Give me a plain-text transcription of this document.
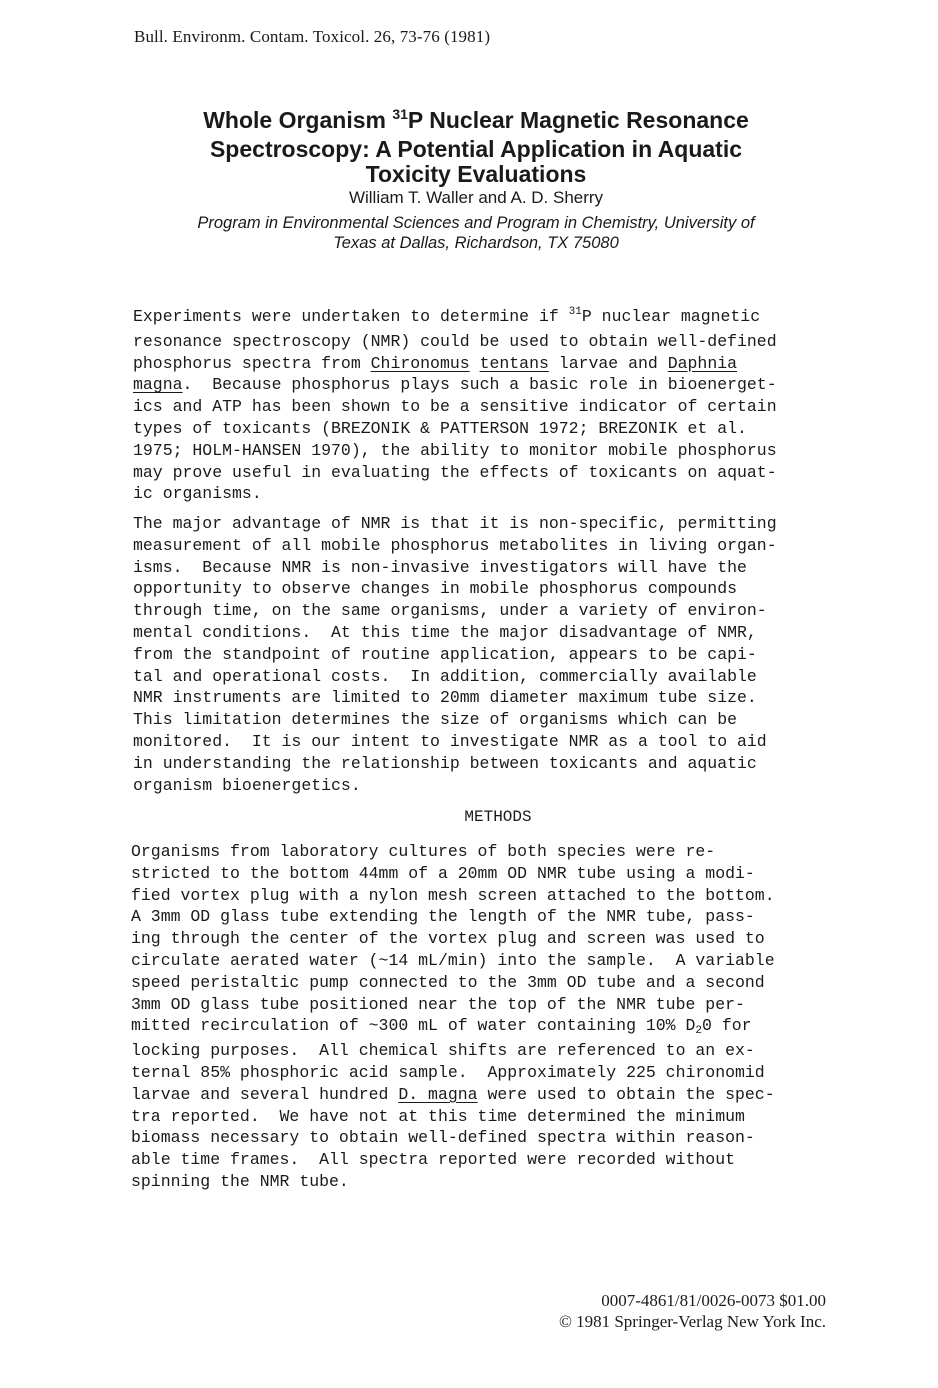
Bull. Environm. Contam. Toxicol. 26, 73-76 (1981)
Whole Organism $^{31}$P Nuclear Magnetic Resonance
Spectroscopy: A Potential Application in Aquatic
Toxicity Evaluations
William T. Waller and A. D. Sherry
Program in Environmental Sciences and Program in Chemistry, University of
Texas at Dallas, Richardson, TX 75080
Experiments were undertaken to determine if $^{31}$P nuclear magnetic
resonance spectroscopy (NMR) could be used to obtain well-defined
phosphorus spectra from Chironomus tentans larvae and Daphnia
magna.  Because phosphorus plays such a basic role in bioenerget-
ics and ATP has been shown to be a sensitive indicator of certain
types of toxicants (BREZONIK & PATTERSON 1972; BREZONIK et al.
1975; HOLM-HANSEN 1970), the ability to monitor mobile phosphorus
may prove useful in evaluating the effects of toxicants on aquat-
ic organisms.
The major advantage of NMR is that it is non-specific, permitting
measurement of all mobile phosphorus metabolites in living organ-
isms.  Because NMR is non-invasive investigators will have the
opportunity to observe changes in mobile phosphorus compounds
through time, on the same organisms, under a variety of environ-
mental conditions.  At this time the major disadvantage of NMR,
from the standpoint of routine application, appears to be capi-
tal and operational costs.  In addition, commercially available
NMR instruments are limited to 20mm diameter maximum tube size.
This limitation determines the size of organisms which can be
monitored.  It is our intent to investigate NMR as a tool to aid
in understanding the relationship between toxicants and aquatic
organism bioenergetics.
METHODS
Organisms from laboratory cultures of both species were re-
stricted to the bottom 44mm of a 20mm OD NMR tube using a modi-
fied vortex plug with a nylon mesh screen attached to the bottom.
A 3mm OD glass tube extending the length of the NMR tube, pass-
ing through the center of the vortex plug and screen was used to
circulate aerated water (~14 mL/min) into the sample.  A variable
speed peristaltic pump connected to the 3mm OD tube and a second
3mm OD glass tube positioned near the top of the NMR tube per-
mitted recirculation of ~300 mL of water containing 10% D20 for
locking purposes.  All chemical shifts are referenced to an ex-
ternal 85% phosphoric acid sample.  Approximately 225 chironomid
larvae and several hundred D. magna were used to obtain the spec-
tra reported.  We have not at this time determined the minimum
biomass necessary to obtain well-defined spectra within reason-
able time frames.  All spectra reported were recorded without
spinning the NMR tube.
0007-4861/81/0026-0073 $01.00
© 1981 Springer-Verlag New York Inc.
